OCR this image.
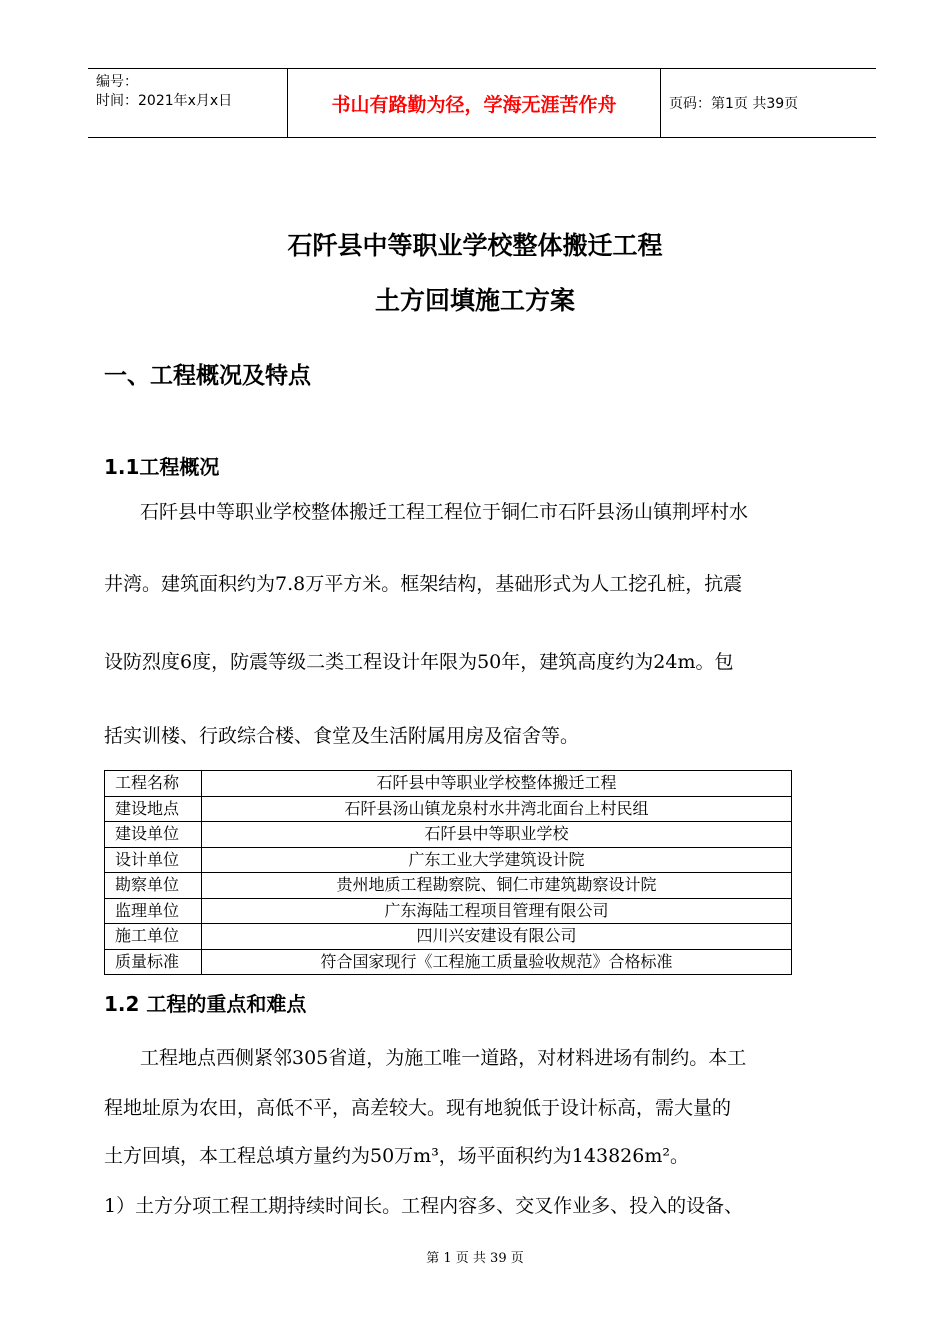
编号：
时间：2021年x月x日	书山有路勤为径，学海无涯苦作舟	页码：第1页 共39页
石阡县中等职业学校整体搬迁工程
土方回填施工方案
一、工程概况及特点
1.1工程概况
石阡县中等职业学校整体搬迁工程工程位于铜仁市石阡县汤山镇荆坪村水
井湾。建筑面积约为7.8万平方米。框架结构，基础形式为人工挖孔桩，抗震
设防烈度6度，防震等级二类工程设计年限为50年，建筑高度约为24m。包
括实训楼、行政综合楼、食堂及生活附属用房及宿舍等。
工程名称	石阡县中等职业学校整体搬迁工程
建设地点	石阡县汤山镇龙泉村水井湾北面台上村民组
建设单位	石阡县中等职业学校
设计单位	广东工业大学建筑设计院
勘察单位	贵州地质工程勘察院、铜仁市建筑勘察设计院
监理单位	广东海陆工程项目管理有限公司
施工单位	四川兴安建设有限公司
质量标准	符合国家现行《工程施工质量验收规范》合格标准
1.2 工程的重点和难点
工程地点西侧紧邻305省道，为施工唯一道路，对材料进场有制约。本工
程地址原为农田，高低不平，高差较大。现有地貌低于设计标高，需大量的
土方回填，本工程总填方量约为50万m³，场平面积约为143826m²。
1）土方分项工程工期持续时间长。工程内容多、交叉作业多、投入的设备、
第 1 页 共 39 页
